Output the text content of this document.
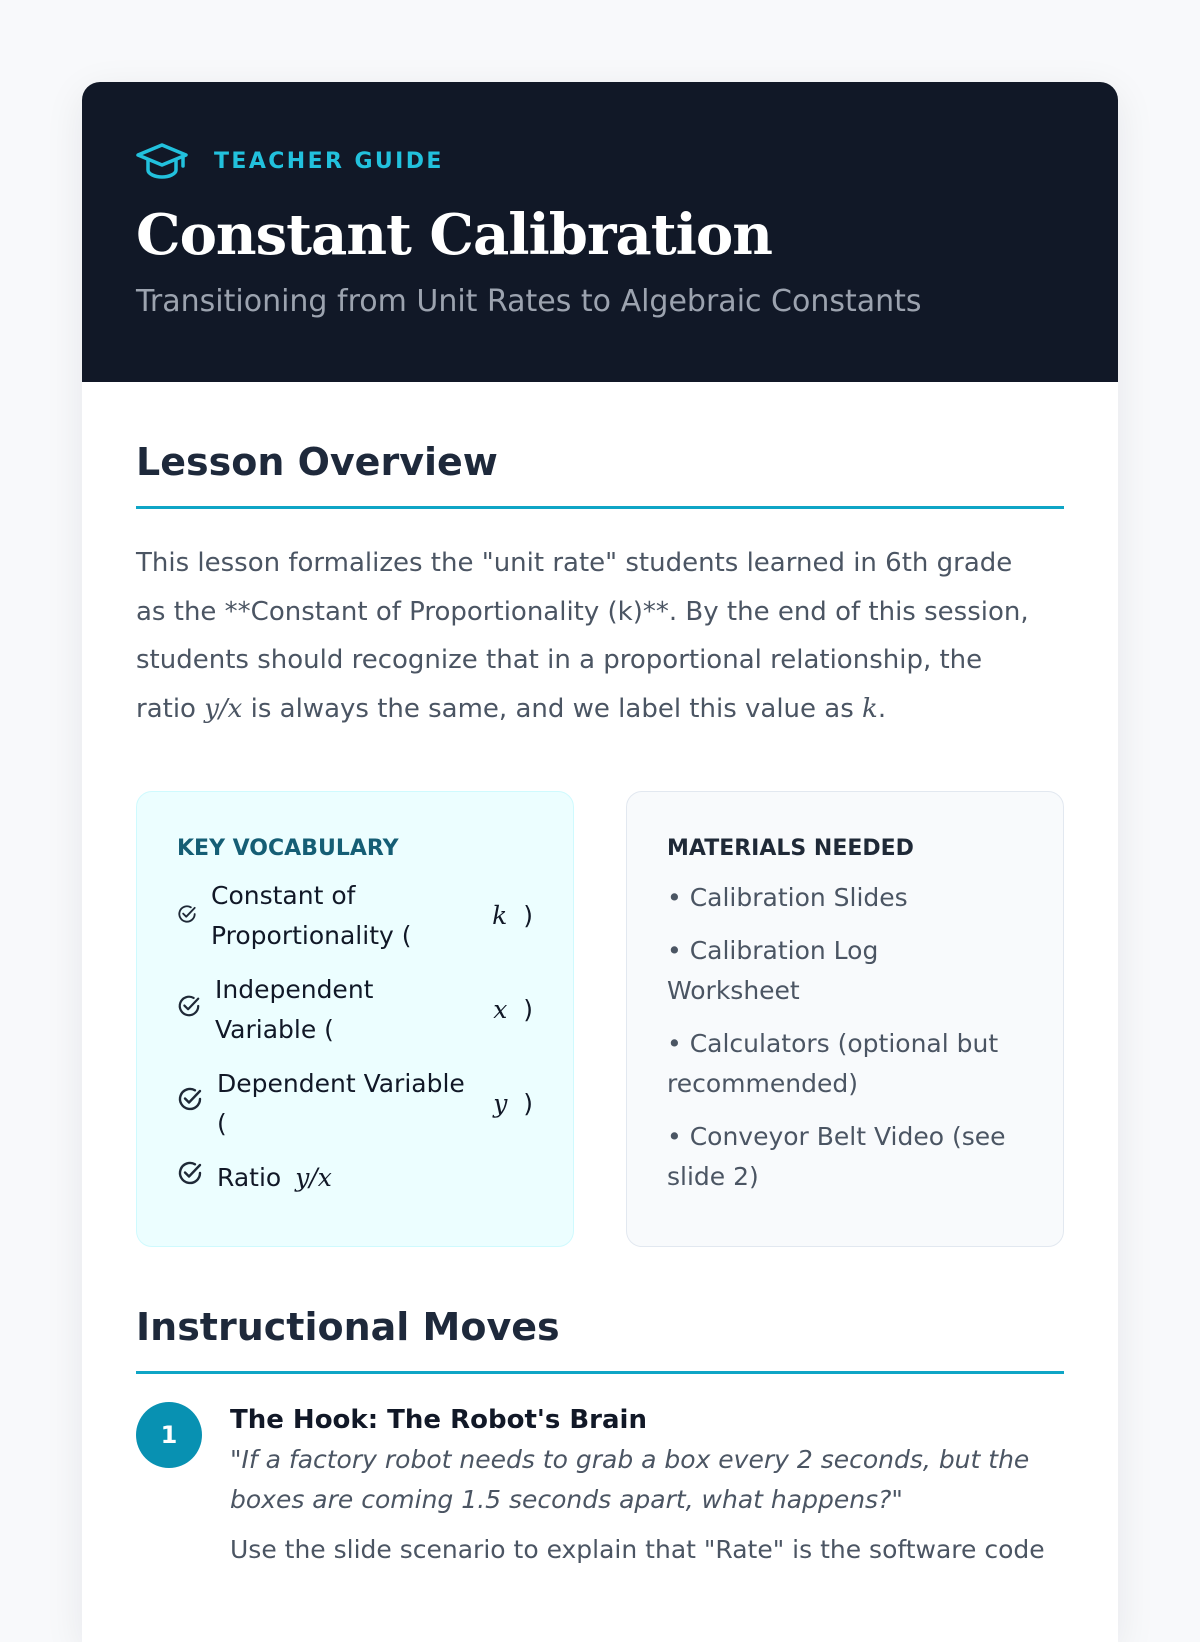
TEACHER GUIDE
Constant Calibration
Transitioning from Unit Rates to Algebraic Constants
Lesson Overview

This lesson formalizes the "unit rate" students learned in 6th grade as the **Constant of Proportionality (k)**. By the end of this session, students should recognize that in a proportional relationship, the ratio y/x is always the same, and we label this value as k.

KEY VOCABULARY
Constant of Proportionality (
k )
Independent Variable (
x )
Dependent Variable (
y )
Ratio y/x
MATERIALS NEEDED
• Calibration Slides
• Calibration Log Worksheet
• Calculators (optional but recommended)
• Conveyor Belt Video (see slide 2)
Instructional Moves
1	The Hook: The Robot's Brain
"If a factory robot needs to grab a box every 2 seconds, but the boxes are coming 1.5 seconds apart, what happens?"
Use the slide scenario to explain that "Rate" is the software code
